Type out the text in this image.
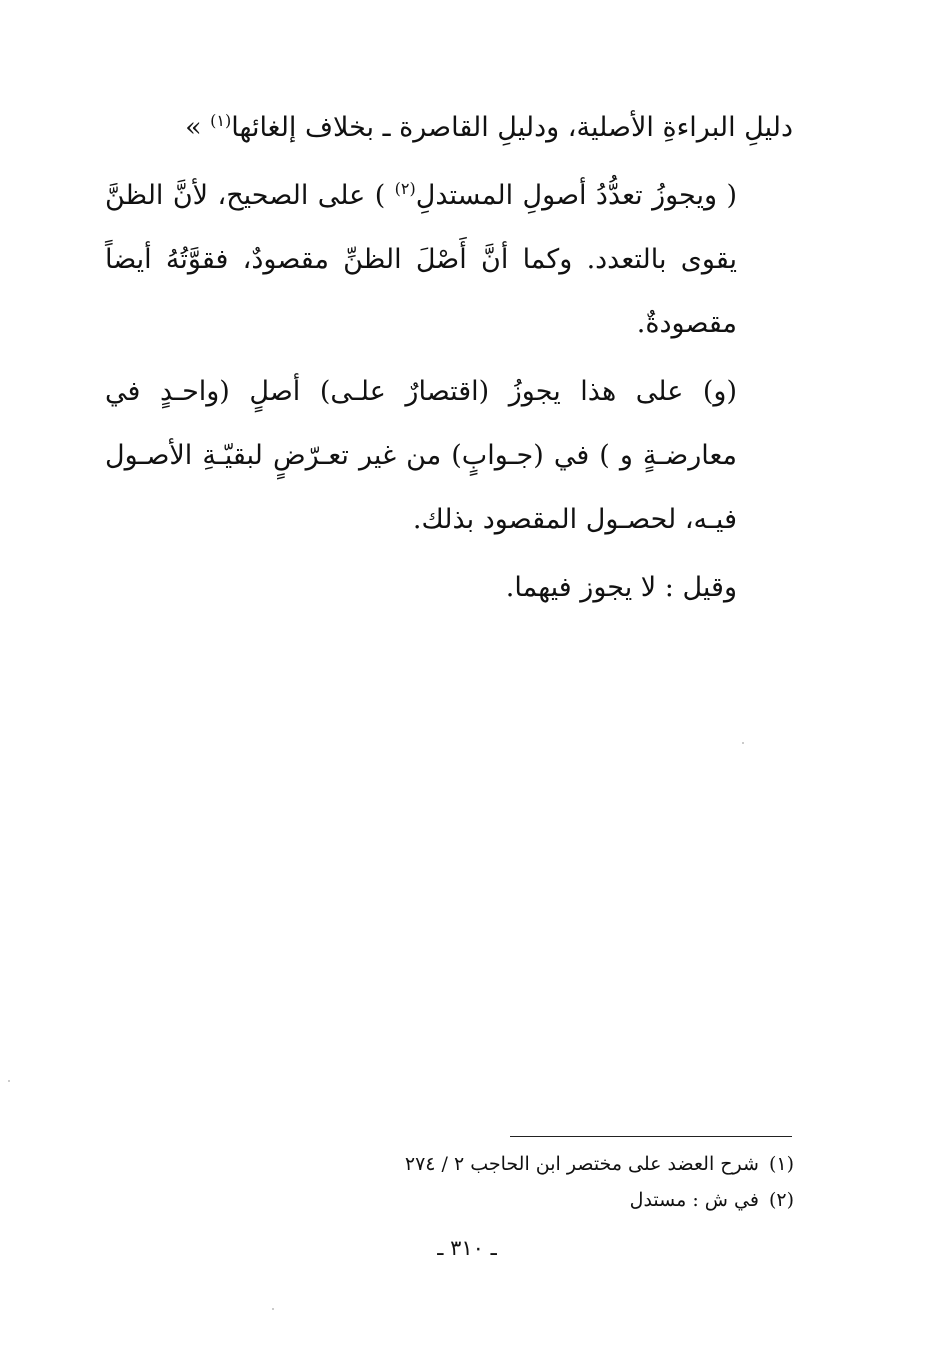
دليلِ البراءةِ الأصلية، ودليلِ القاصرة ـ بخلاف إلغائها$^{(١)}$ »

( ويجوزُ تعدُّدُ أصولِ المستدلِ$^{(٢)}$ ) على الصحيح، لأنَّ الظنَّ يقوى بالتعدد. وكما أنَّ أَصْلَ الظنِّ مقصودٌ، فقوَّتُهُ أيضاً مقصودةٌ.

(و) على هذا يجوزُ (اقتصارٌ علـى) أصلٍ (واحـدٍ في معارضـةٍ و ) في (جـوابٍ) من غير تعـرّضٍ لبقيّـةِ الأصـول فيـه، لحصـول المقصود بذلك.

وقيل : لا يجوز فيهما.

(١)شرح العضد على مختصر ابن الحاجب ٢ / ٢٧٤
(٢)في ش : مستدل
ـ ٣١٠ ـ
